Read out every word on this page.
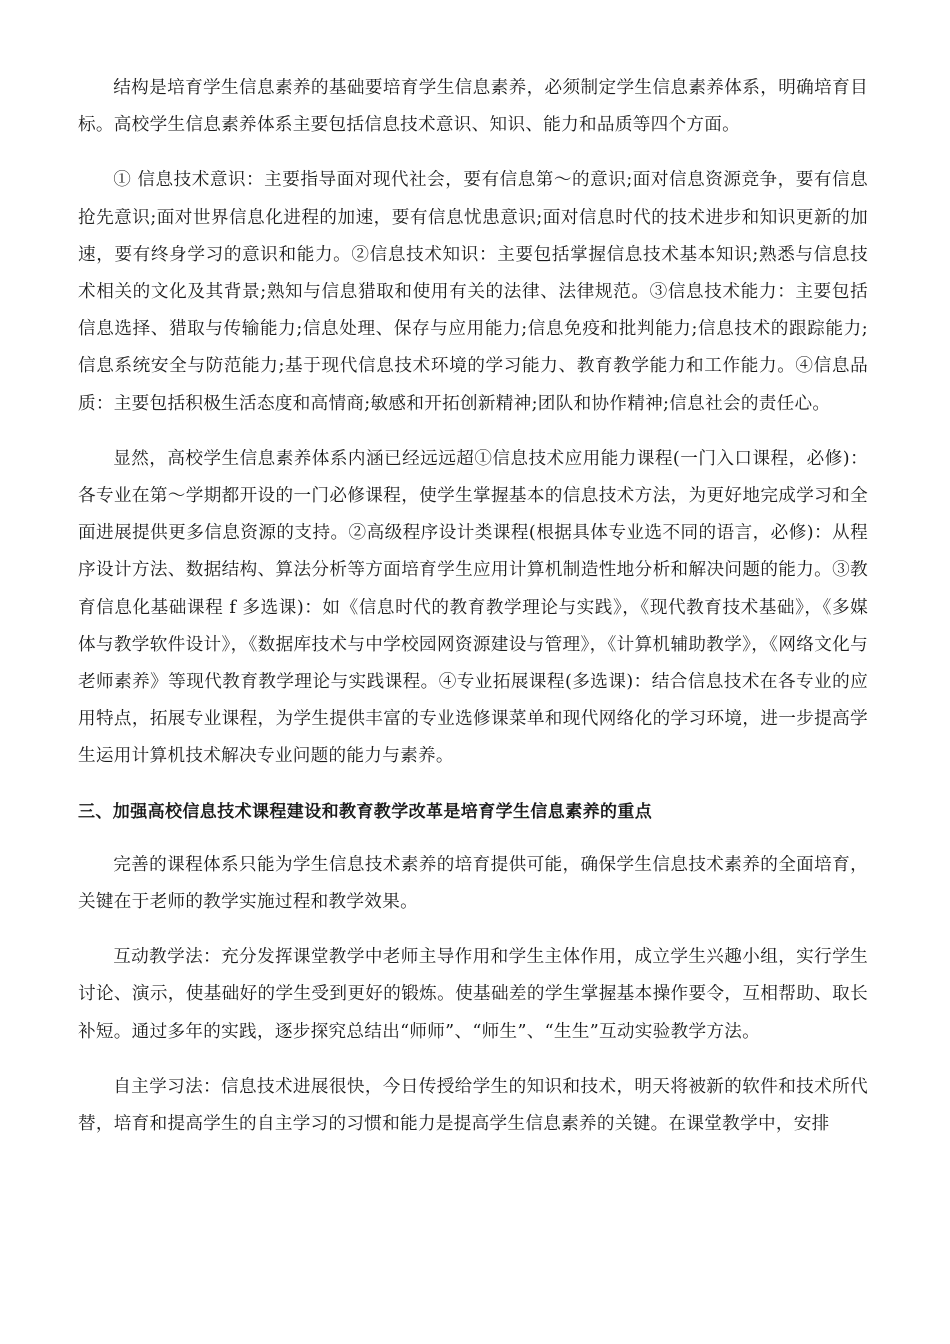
结构是培育学生信息素养的基础要培育学生信息素养，必须制定学生信息素养体系，明确培育目标。高校学生信息素养体系主要包括信息技术意识、知识、能力和品质等四个方面。

① 信息技术意识：主要指导面对现代社会，要有信息第～的意识;面对信息资源竞争，要有信息抢先意识;面对世界信息化进程的加速，要有信息忧患意识;面对信息时代的技术进步和知识更新的加速，要有终身学习的意识和能力。②信息技术知识：主要包括掌握信息技术基本知识;熟悉与信息技术相关的文化及其背景;熟知与信息猎取和使用有关的法律、法律规范。③信息技术能力：主要包括信息选择、猎取与传输能力;信息处理、保存与应用能力;信息免疫和批判能力;信息技术的跟踪能力;信息系统安全与防范能力;基于现代信息技术环境的学习能力、教育教学能力和工作能力。④信息品质：主要包括积极生活态度和高情商;敏感和开拓创新精神;团队和协作精神;信息社会的责任心。

显然，高校学生信息素养体系内涵已经远远超①信息技术应用能力课程(一门入口课程，必修)：各专业在第～学期都开设的一门必修课程，使学生掌握基本的信息技术方法，为更好地完成学习和全面进展提供更多信息资源的支持。②高级程序设计类课程(根据具体专业选不同的语言，必修)：从程序设计方法、数据结构、算法分析等方面培育学生应用计算机制造性地分析和解决问题的能力。③教育信息化基础课程 f 多选课)：如《信息时代的教育教学理论与实践》，《现代教育技术基础》，《多媒体与教学软件设计》，《数据库技术与中学校园网资源建设与管理》，《计算机辅助教学》，《网络文化与老师素养》等现代教育教学理论与实践课程。④专业拓展课程(多选课)：结合信息技术在各专业的应用特点，拓展专业课程，为学生提供丰富的专业选修课菜单和现代网络化的学习环境，进一步提高学生运用计算机技术解决专业问题的能力与素养。

三、加强高校信息技术课程建设和教育教学改革是培育学生信息素养的重点

完善的课程体系只能为学生信息技术素养的培育提供可能，确保学生信息技术素养的全面培育，关键在于老师的教学实施过程和教学效果。

互动教学法：充分发挥课堂教学中老师主导作用和学生主体作用，成立学生兴趣小组，实行学生讨论、演示，使基础好的学生受到更好的锻炼。使基础差的学生掌握基本操作要令，互相帮助、取长补短。通过多年的实践，逐步探究总结出“师师”、“师生”、“生生”互动实验教学方法。

自主学习法：信息技术进展很快，今日传授给学生的知识和技术，明天将被新的软件和技术所代替，培育和提高学生的自主学习的习惯和能力是提高学生信息素养的关键。在课堂教学中，安排
